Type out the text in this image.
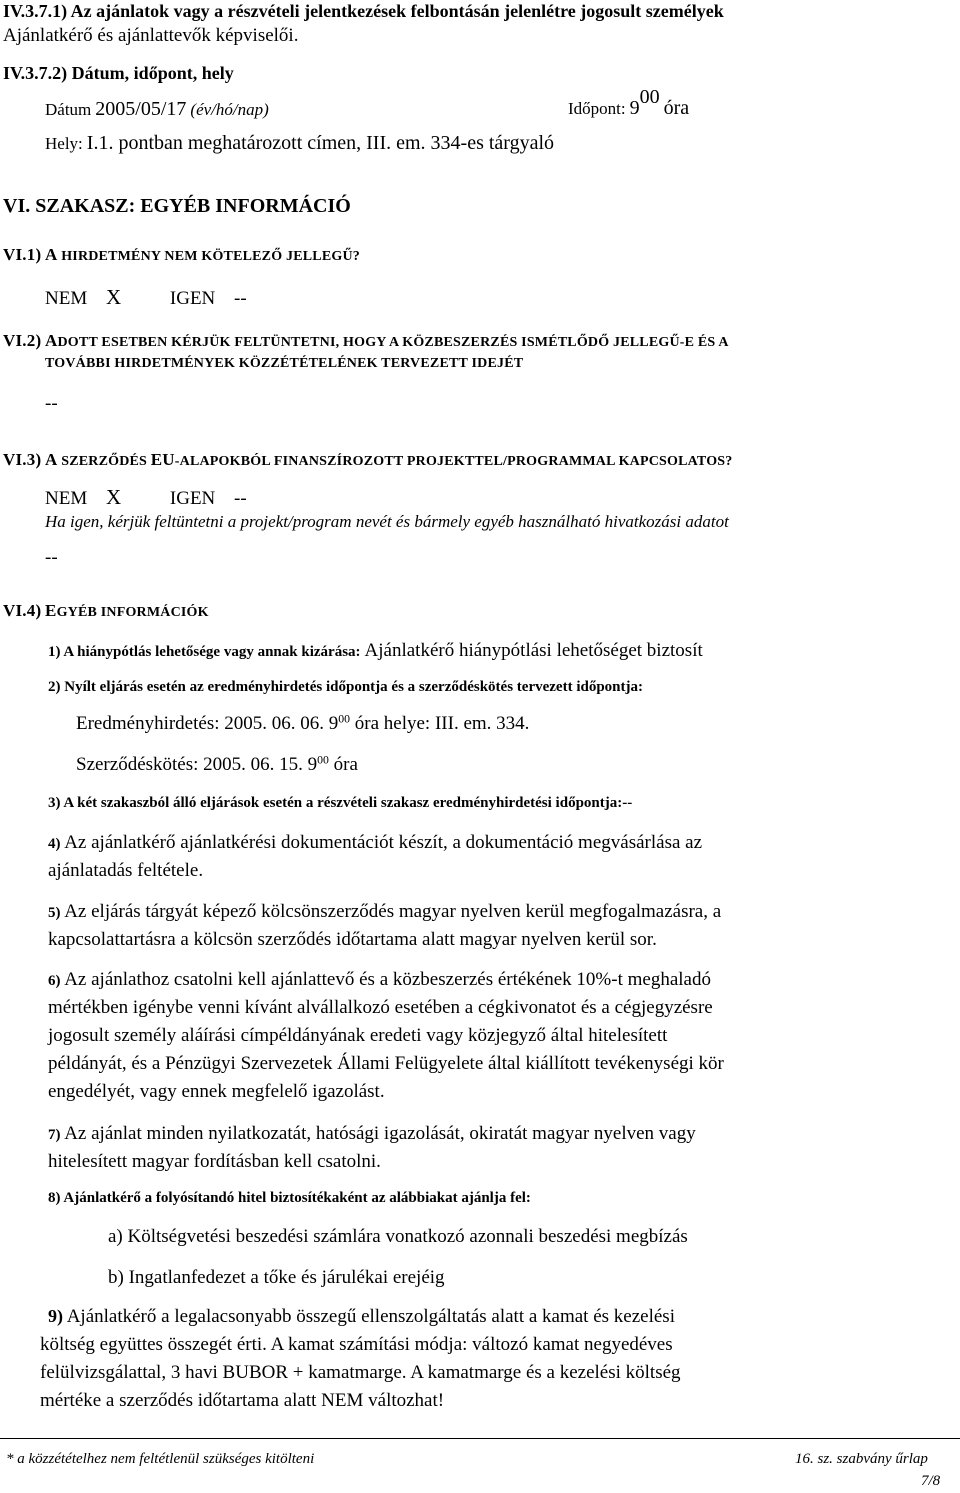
IV.3.7.1) Az ajánlatok vagy a részvételi jelentkezések felbontásán jelenlétre jogosult személyek
Ajánlatkérő és ajánlattevők képviselői.
IV.3.7.2) Dátum, időpont, hely
Dátum 2005/05/17 (év/hó/nap)	Időpont: $9^{00}$ óra
Hely: I.1. pontban meghatározott címen, III. em. 334-es tárgyaló
VI. SZAKASZ: EGYÉB INFORMÁCIÓ
VI.1) A HIRDETMÉNY NEM KÖTELEZŐ JELLEGŰ?
NEM X	IGEN --
VI.2) ADOTT ESETBEN KÉRJÜK FELTÜNTETNI, HOGY A KÖZBESZERZÉS ISMÉTLŐDŐ JELLEGŰ-E ÉS A
TOVÁBBI HIRDETMÉNYEK KÖZZÉTÉTELÉNEK TERVEZETT IDEJÉT
--
VI.3) A SZERZŐDÉS EU-ALAPOKBÓL FINANSZÍROZOTT PROJEKTTEL/PROGRAMMAL KAPCSOLATOS?
NEM X	IGEN --
Ha igen, kérjük feltüntetni a projekt/program nevét és bármely egyéb használható hivatkozási adatot
--
VI.4) EGYÉB INFORMÁCIÓK
1) A hiánypótlás lehetősége vagy annak kizárása: Ajánlatkérő hiánypótlási lehetőséget biztosít
2) Nyílt eljárás esetén az eredményhirdetés időpontja és a szerződéskötés tervezett időpontja:
Eredményhirdetés: 2005. 06. 06. $9^{00}$ óra helye: III. em. 334.
Szerződéskötés: 2005. 06. 15. $9^{00}$ óra
3) A két szakaszból álló eljárások esetén a részvételi szakasz eredményhirdetési időpontja:--
4) Az ajánlatkérő ajánlatkérési dokumentációt készít, a dokumentáció megvásárlása az
ajánlatadás feltétele.
5) Az eljárás tárgyát képező kölcsönszerződés magyar nyelven kerül megfogalmazásra, a
kapcsolattartásra a kölcsön szerződés időtartama alatt magyar nyelven kerül sor.
6) Az ajánlathoz csatolni kell ajánlattevő és a közbeszerzés értékének 10%-t meghaladó
mértékben igénybe venni kívánt alvállalkozó esetében a cégkivonatot és a cégjegyzésre
jogosult személy aláírási címpéldányának eredeti vagy közjegyző által hitelesített
példányát, és a Pénzügyi Szervezetek Állami Felügyelete által kiállított tevékenységi kör
engedélyét, vagy ennek megfelelő igazolást.
7) Az ajánlat minden nyilatkozatát, hatósági igazolását, okiratát magyar nyelven vagy
hitelesített magyar fordításban kell csatolni.
8) Ajánlatkérő a folyósítandó hitel biztosítékaként az alábbiakat ajánlja fel:
a) Költségvetési beszedési számlára vonatkozó azonnali beszedési megbízás
b) Ingatlanfedezet a tőke és járulékai erejéig
9) Ajánlatkérő a legalacsonyabb összegű ellenszolgáltatás alatt a kamat és kezelési
költség együttes összegét érti. A kamat számítási módja: változó kamat negyedéves
felülvizsgálattal, 3 havi BUBOR + kamatmarge. A kamatmarge és a kezelési költség
mértéke a szerződés időtartama alatt NEM változhat!
* a közzétételhez nem feltétlenül szükséges kitölteni	16. sz. szabvány űrlap
7/8
